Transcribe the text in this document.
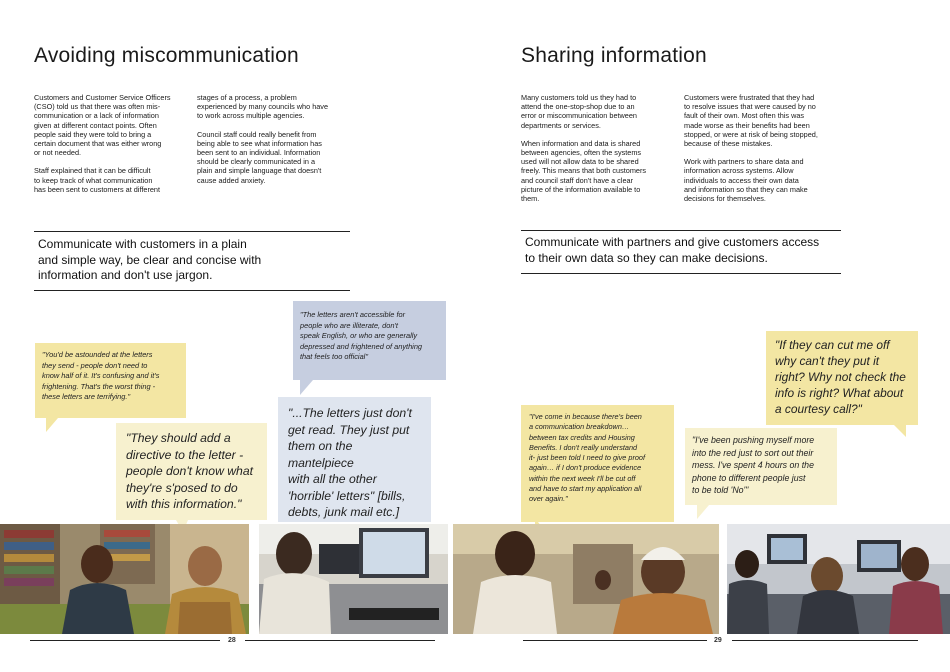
Avoiding miscommunication

Customers and Customer Service Officers
(CSO) told us that there was often mis-
communication or a lack of information
given at different contact points. Often
people said they were told to bring a
certain document that was either wrong
or not needed.

Staff explained that it can be difficult
to keep track of what communication
has been sent to customers at different

stages of a process, a problem
experienced by many councils who have
to work across multiple agencies.

Council staff could really benefit from
being able to see what information has
been sent to an individual. Information
should be clearly communicated in a
plain and simple language that doesn't
cause added anxiety.

Communicate with customers in a plain
and simple way, be clear and concise with
information and don't use jargon.
"You'd be astounded at the letters
they send - people don't need to
know half of it. It's confusing and it's
frightening. That's the worst thing -
these letters are terrifying."
"They should add a
directive to the letter -
people don't know what
they're s'posed to do
with this information."
"The letters aren't accessible for
people who are illiterate, don't
speak English, or who are generally
depressed and frightened of anything
that feels too official"
"...The letters just don't
get read. They just put
them on the mantelpiece
with all the other
'horrible' letters" [bills,
debts, junk mail etc.]
28
Sharing information

Many customers told us they had to
attend the one-stop-shop due to an
error or miscommunication between
departments or services.

When information and data is shared
between agencies, often the systems
used will not allow data to be shared
freely. This means that both customers
and council staff don't have a clear
picture of the information available to
them.

Customers were frustrated that they had
to resolve issues that were caused by no
fault of their own. Most often this was
made worse as their benefits had been
stopped, or were at risk of being stopped,
because of these mistakes.

Work with partners to share data and
information across systems. Allow
individuals to access their own data
and information so that they can make
decisions for themselves.

Communicate with partners and give customers access
to their own data so they can make decisions.
"I've come in because there's been
a communication breakdown…
between tax credits and Housing
Benefits. I don't really understand
it- just been told I need to give proof
again… if I don't produce evidence
within the next week I'll be cut off
and have to start my application all
over again."
"I've been pushing myself more
into the red just to sort out their
mess. I've spent 4 hours on the
phone to different people just
to be told 'No'"
"If they can cut me off
why can't they put it
right? Why not check the
info is right? What about
a courtesy call?"
29
